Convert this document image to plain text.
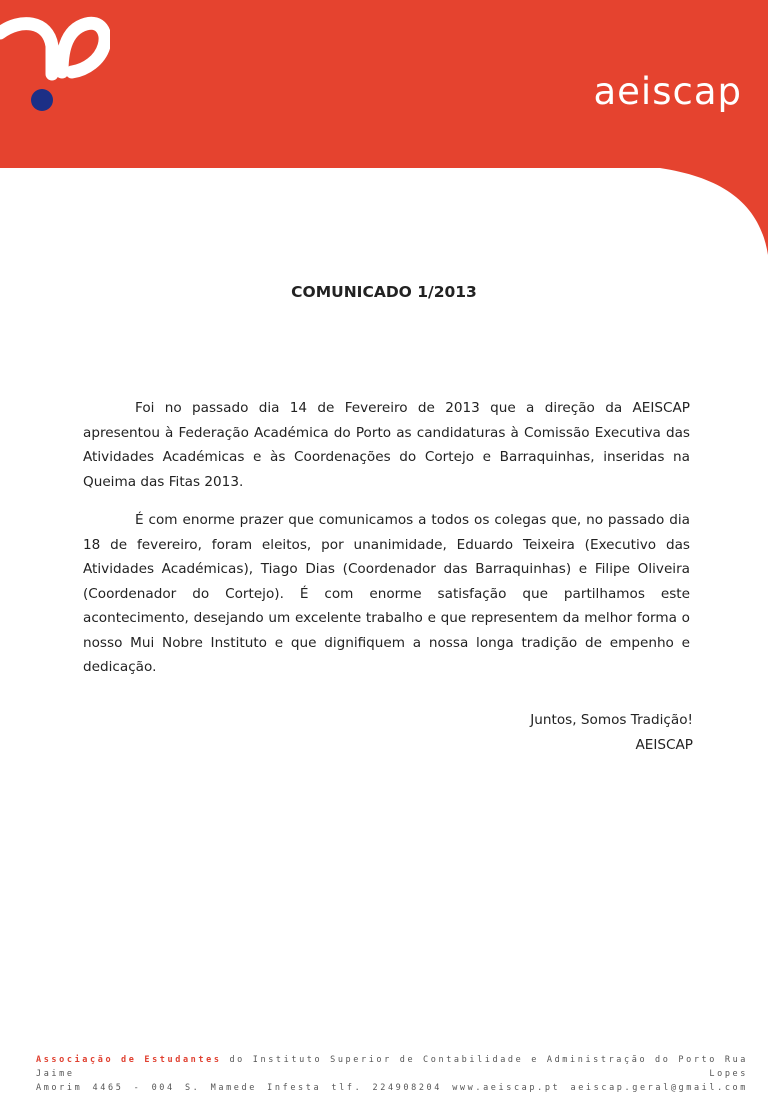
aeiscap
COMUNICADO 1/2013

Foi no passado dia 14 de Fevereiro de 2013 que a direção da AEISCAP apresentou à Federação Académica do Porto as candidaturas à Comissão Executiva das Atividades Académicas e às Coordenações do Cortejo e Barraquinhas, inseridas na Queima das Fitas 2013.

É com enorme prazer que comunicamos a todos os colegas que, no passado dia 18 de fevereiro, foram eleitos, por unanimidade, Eduardo Teixeira (Executivo das Atividades Académicas), Tiago Dias (Coordenador das Barraquinhas) e Filipe Oliveira (Coordenador do Cortejo). É com enorme satisfação que partilhamos este acontecimento, desejando um excelente trabalho e que representem da melhor forma o nosso Mui Nobre Instituto e que dignifiquem a nossa longa tradição de empenho e dedicação.

Juntos, Somos Tradição!
AEISCAP
Associação de Estudantes do Instituto Superior de Contabilidade e Administração do Porto Rua Jaime Lopes
Amorim 4465 - 004 S. Mamede Infesta tlf. 224908204 www.aeiscap.pt aeiscap.geral@gmail.com
